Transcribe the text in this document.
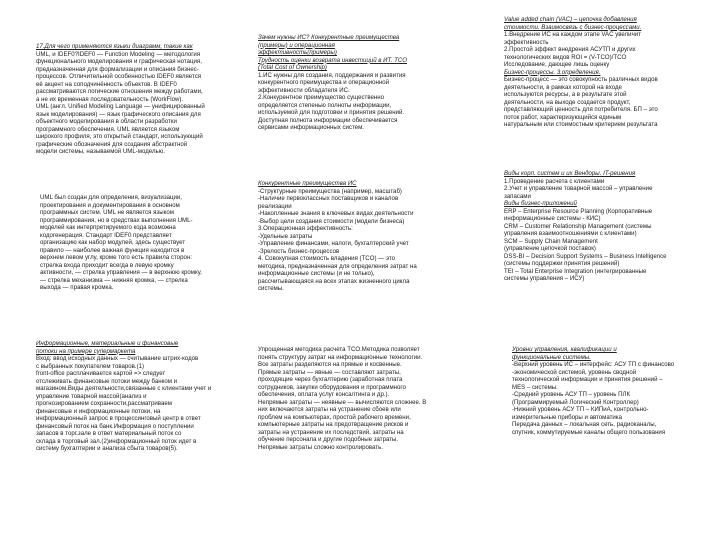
17.Для чего применяются языки диаграмм, такие как
UML, и IDEF0?IDEF0 — Function Modeling — методология
функционального моделирования и графическая нотация,
предназначенная для формализации и описания бизнес-
процессов. Отличительной особенностью IDEF0 является
её акцент на соподчинённость объектов. В IDEF0
рассматриваются логические отношения между работами,
а не их временная последовательность (WorkFlow).
UML (англ. Unified Modeling Language — унифицированный
язык моделирования) — язык графического описания для
объектного моделирования в области разработки
программного обеспечения. UML является языком
широкого профиля, это открытый стандарт, использующий
графические обозначения для создания абстрактной
модели системы, называемой UML-моделью.
UML был создан для определения, визуализации,
проектирования и документирования в основном
программных систем. UML не является языком
программирования, но в средствах выполнения UML-
моделей как интерпретируемого кода возможна
кодогенерация. Стандарт IDEF0 представляет
организацию как набор модулей, здесь существует
правило — наиболее важная функция находится в
верхнем левом углу, кроме того есть правила сторон:
стрелка входа приходит всегда в левую кромку
активности, — стрелка управления — в верхнюю кромку,
— стрелка механизма — нижняя кромка, — стрелка
выхода — правая кромка.
Информационные, материальные и финансовые
потоки на примере супермаркета
Вход: ввод исходных данных — считывание штрих-кодов
с выбранных покупателем товаров.(1)
front-office расплачивается картой => следует
отслеживать финансовые потоки между банком и
магазином.Виды деятельности,связанные с клиентами учет и
управление товарной массой(анализ и
прогнозированием сохранности,рассматриваем
финансовые и информационные потоки, на
информационный запрос в процессинговый центр в ответ
финансовый поток на банк.Информация о поступлении
запасов в торг.зале в ответ материальный поток со
склада в торговый зал.(2)информационный поток идет в
систему бухгалтерии и анализа сбыта товаров(5).
Зачем нужны ИС? Конкурентные преимущества
(примеры) и операционная
эффективность(примеры)
Трудность оценки возврата инвестиций в ИТ. TCO
(Total Cost of Ownership)
1.ИС нужны для создания, поддержания и развития
конкурентного преимущества и операционной
эффективности обладателя ИС.
2.Конкурентное преимущество существенно
определяется степенью полноты информации,
используемой для подготовки и принятия решений.
Доступная полнота информации обеспечивается
сервисами информационных систем.
Конкурентные преимущества ИС
-Структурные преимущества (например, масштаб)
-Наличие первоклассных поставщиков и каналов
реализации
-Накопленные знания в ключевых видах деятельности
-Выбор цели создания стоимости (модели бизнеса)
3.Операционная эффективность:
-Удельные затраты
-Управление финансами, налоги, бухгалтерский учет
-Зрелость бизнес-процессов
4. Совокупная стоимость владения (TCO) — это
методика, предназначенная для определения затрат на
информационные системы (и не только),
рассчитывающаяся на всех этапах жизненного цикла
системы.
Упрощенная методика расчета TCO.Методика позволяет
понять структуру затрат на информационные технологии.
Все затраты разделяются на прямые и косвенные.
Прямые затраты — явные — составляют затраты,
проходящие через бухгалтерию (заработная плата
сотрудников, закупки оборудования и программного
обеспечения, оплата услуг консалтинга и др.).
Непрямые затраты — неявные — вычисляются сложнее. В
них включаются затраты на устранение сбоев или
проблем на компьютерах, простой рабочего времени,
компьютерные затраты на предотвращение рисков и
затраты на устранение их последствий, затраты на
обучение персонала и другие подобные затраты.
Непрямые затраты сложно контролировать.
Value added chain (VAC) – цепочка добавления
стоимости. Взаимосвязь с бизнес-процессами.
1.Внедрение ИС на каждом этапе VAC увеличит
эффективность
2.Простой эффект внедрения АСУТП и других
технологических видов ROI = (V-TCO)/TCO
Исследование, дающее лишь оценку
Бизнес-процессы. 3.определения.
Бизнес-процесс — это совокупность различных видов
деятельности, в рамках которой на входе
используются ресурсы, а в результате этой
деятельности, на выходе создается продукт,
представляющий ценность для потребителя. БП – это
поток работ, характеризующийся единым
натуральным или стоимостным критерием результата
Виды корп. систем и их Вендоры. IT-решения
1.Проведение расчета с клиентами
2.Учет и управление товарной массой – управление
запасами
Виды бизнес-приложений
ERP – Enterprise Resource Planning (Корпоративные
информационные системы - КИС)
CRM – Customer Relationship Management (системы
управления взаимоотношениями с клиентами)
SCM – Supply Chain Management
(управление цепочкой поставок)
DSS-BI – Decision Support Systems – Business Intelligence
(системы поддержки принятия решений)
TEI – Total Enterprise Integration (интегрированные
системы управления – ИСУ)
Уровни управления, квалификации и
функциональные системы.
-Верхний уровень ИС – интерфейс: АСУ ТП с финансово
-экономической системой, уровень сводной
технологической информации и принятия решений –
MES – системы.
-Средний уровень АСУ ТП – уровень ПЛК
(Программируемый Логический Контроллер)
-Нижний уровень АСУ ТП – КИПиА, контрольно-
измерительные приборы и автоматика
Передача данных – локальная сеть, радиоканалы,
спутник, коммутируемые каналы общего пользования
